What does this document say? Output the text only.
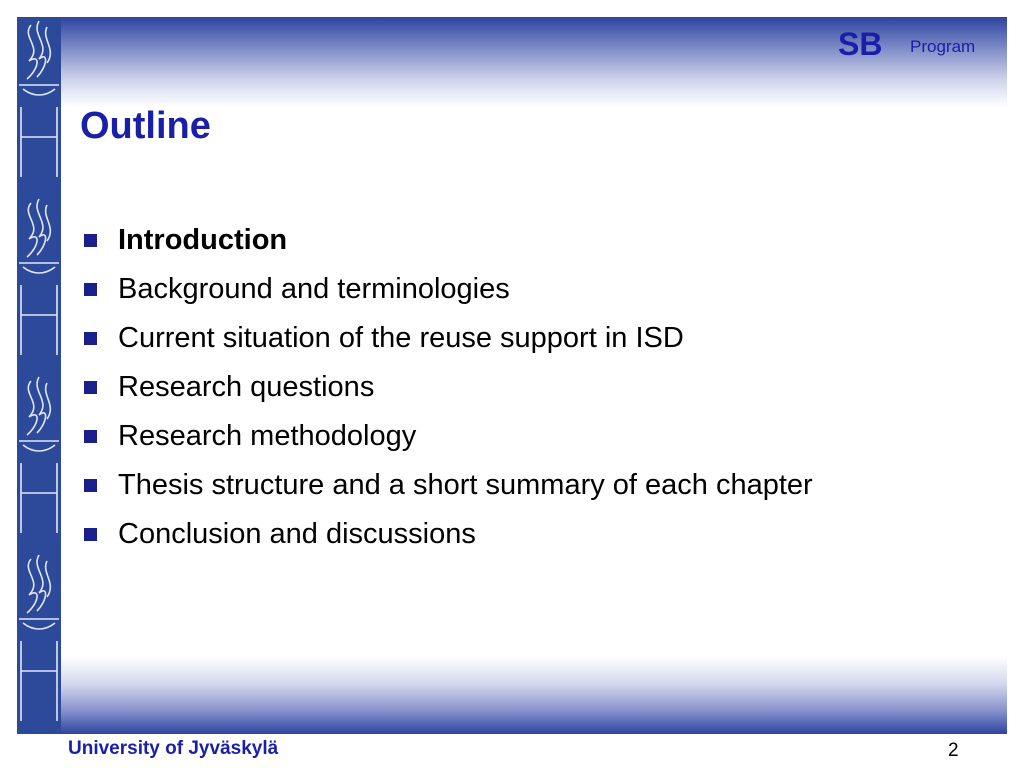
SB Program
Outline
Introduction
Background and terminologies
Current situation of the reuse support in ISD
Research questions
Research methodology
Thesis structure and a short summary of each chapter
Conclusion and discussions
University of Jyväskylä	2
